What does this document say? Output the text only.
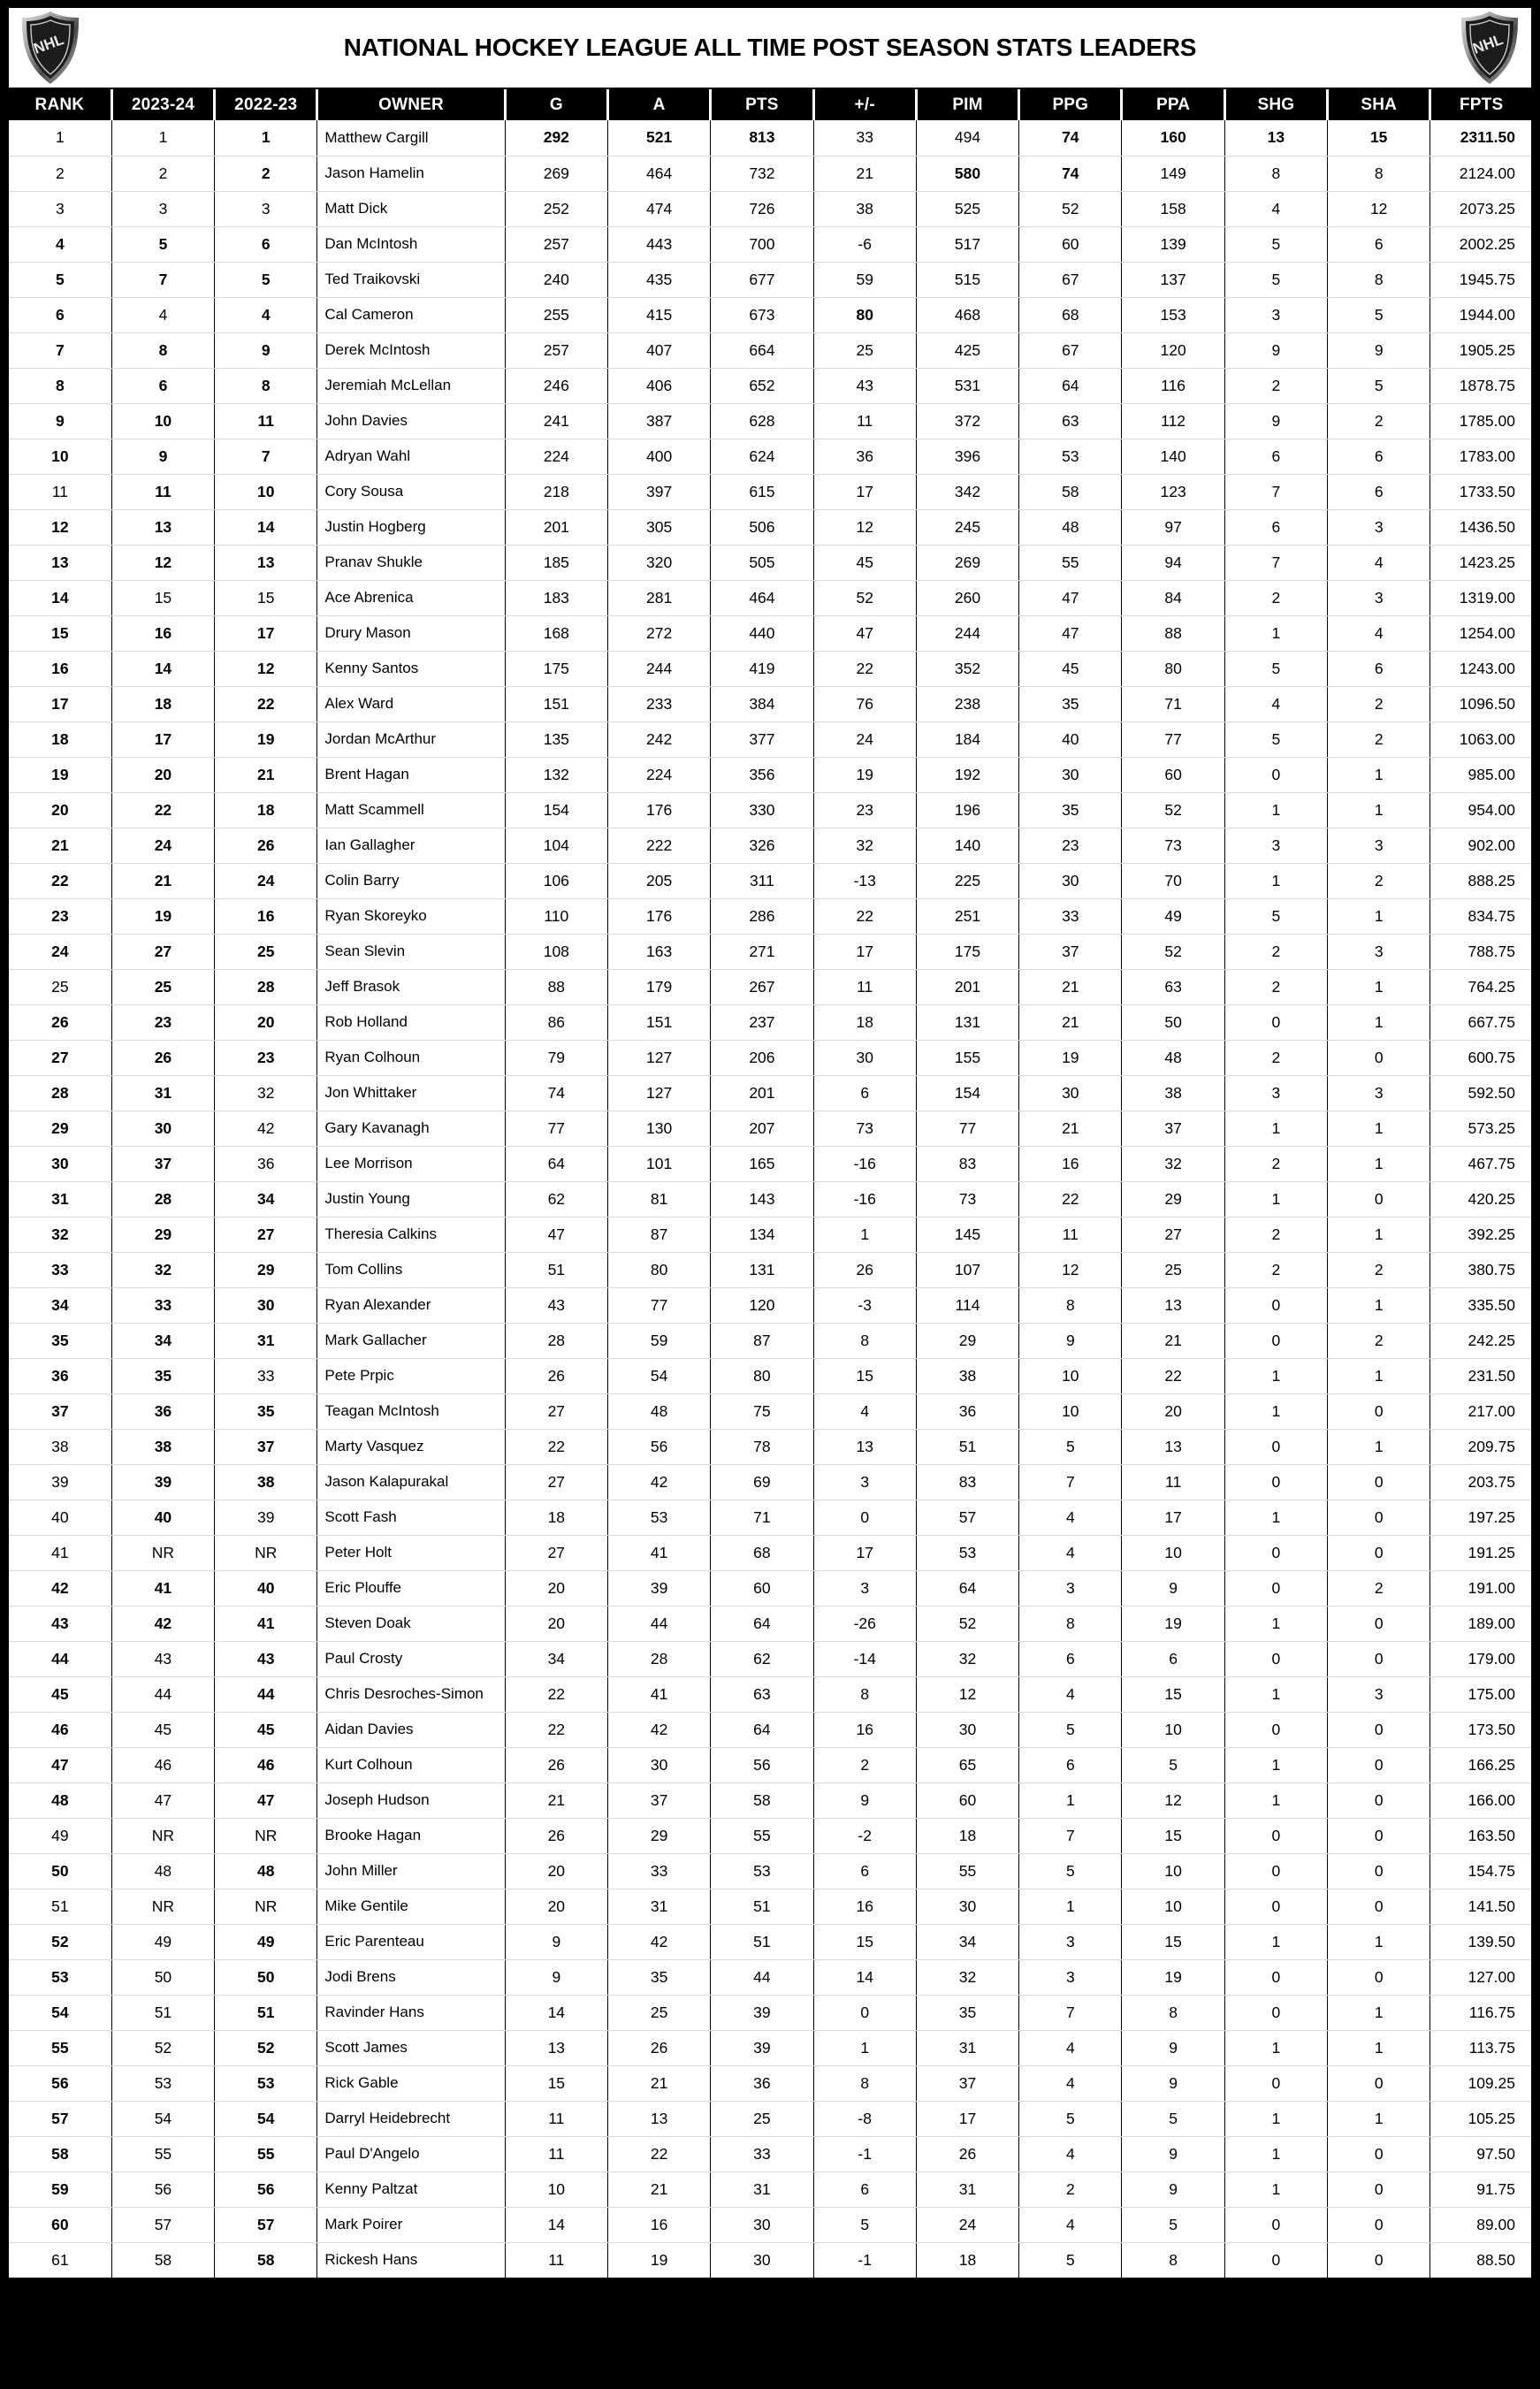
NHL	NATIONAL HOCKEY LEAGUE ALL TIME POST SEASON STATS LEADERS	NHL
RANK	2023-24	2022-23	OWNER	G	A	PTS	+/-	PIM	PPG	PPA	SHG	SHA	FPTS
1	1	1	Matthew Cargill	292	521	813	33	494	74	160	13	15	2311.50
2	2	2	Jason Hamelin	269	464	732	21	580	74	149	8	8	2124.00
3	3	3	Matt Dick	252	474	726	38	525	52	158	4	12	2073.25
4	5	6	Dan McIntosh	257	443	700	-6	517	60	139	5	6	2002.25
5	7	5	Ted Traikovski	240	435	677	59	515	67	137	5	8	1945.75
6	4	4	Cal Cameron	255	415	673	80	468	68	153	3	5	1944.00
7	8	9	Derek McIntosh	257	407	664	25	425	67	120	9	9	1905.25
8	6	8	Jeremiah McLellan	246	406	652	43	531	64	116	2	5	1878.75
9	10	11	John Davies	241	387	628	11	372	63	112	9	2	1785.00
10	9	7	Adryan Wahl	224	400	624	36	396	53	140	6	6	1783.00
11	11	10	Cory Sousa	218	397	615	17	342	58	123	7	6	1733.50
12	13	14	Justin Hogberg	201	305	506	12	245	48	97	6	3	1436.50
13	12	13	Pranav Shukle	185	320	505	45	269	55	94	7	4	1423.25
14	15	15	Ace Abrenica	183	281	464	52	260	47	84	2	3	1319.00
15	16	17	Drury Mason	168	272	440	47	244	47	88	1	4	1254.00
16	14	12	Kenny Santos	175	244	419	22	352	45	80	5	6	1243.00
17	18	22	Alex Ward	151	233	384	76	238	35	71	4	2	1096.50
18	17	19	Jordan McArthur	135	242	377	24	184	40	77	5	2	1063.00
19	20	21	Brent Hagan	132	224	356	19	192	30	60	0	1	985.00
20	22	18	Matt Scammell	154	176	330	23	196	35	52	1	1	954.00
21	24	26	Ian Gallagher	104	222	326	32	140	23	73	3	3	902.00
22	21	24	Colin Barry	106	205	311	-13	225	30	70	1	2	888.25
23	19	16	Ryan Skoreyko	110	176	286	22	251	33	49	5	1	834.75
24	27	25	Sean Slevin	108	163	271	17	175	37	52	2	3	788.75
25	25	28	Jeff Brasok	88	179	267	11	201	21	63	2	1	764.25
26	23	20	Rob Holland	86	151	237	18	131	21	50	0	1	667.75
27	26	23	Ryan Colhoun	79	127	206	30	155	19	48	2	0	600.75
28	31	32	Jon Whittaker	74	127	201	6	154	30	38	3	3	592.50
29	30	42	Gary Kavanagh	77	130	207	73	77	21	37	1	1	573.25
30	37	36	Lee Morrison	64	101	165	-16	83	16	32	2	1	467.75
31	28	34	Justin Young	62	81	143	-16	73	22	29	1	0	420.25
32	29	27	Theresia Calkins	47	87	134	1	145	11	27	2	1	392.25
33	32	29	Tom Collins	51	80	131	26	107	12	25	2	2	380.75
34	33	30	Ryan Alexander	43	77	120	-3	114	8	13	0	1	335.50
35	34	31	Mark Gallacher	28	59	87	8	29	9	21	0	2	242.25
36	35	33	Pete Prpic	26	54	80	15	38	10	22	1	1	231.50
37	36	35	Teagan McIntosh	27	48	75	4	36	10	20	1	0	217.00
38	38	37	Marty Vasquez	22	56	78	13	51	5	13	0	1	209.75
39	39	38	Jason Kalapurakal	27	42	69	3	83	7	11	0	0	203.75
40	40	39	Scott Fash	18	53	71	0	57	4	17	1	0	197.25
41	NR	NR	Peter Holt	27	41	68	17	53	4	10	0	0	191.25
42	41	40	Eric Plouffe	20	39	60	3	64	3	9	0	2	191.00
43	42	41	Steven Doak	20	44	64	-26	52	8	19	1	0	189.00
44	43	43	Paul Crosty	34	28	62	-14	32	6	6	0	0	179.00
45	44	44	Chris Desroches-Simon	22	41	63	8	12	4	15	1	3	175.00
46	45	45	Aidan Davies	22	42	64	16	30	5	10	0	0	173.50
47	46	46	Kurt Colhoun	26	30	56	2	65	6	5	1	0	166.25
48	47	47	Joseph Hudson	21	37	58	9	60	1	12	1	0	166.00
49	NR	NR	Brooke Hagan	26	29	55	-2	18	7	15	0	0	163.50
50	48	48	John Miller	20	33	53	6	55	5	10	0	0	154.75
51	NR	NR	Mike Gentile	20	31	51	16	30	1	10	0	0	141.50
52	49	49	Eric Parenteau	9	42	51	15	34	3	15	1	1	139.50
53	50	50	Jodi Brens	9	35	44	14	32	3	19	0	0	127.00
54	51	51	Ravinder Hans	14	25	39	0	35	7	8	0	1	116.75
55	52	52	Scott James	13	26	39	1	31	4	9	1	1	113.75
56	53	53	Rick Gable	15	21	36	8	37	4	9	0	0	109.25
57	54	54	Darryl Heidebrecht	11	13	25	-8	17	5	5	1	1	105.25
58	55	55	Paul D'Angelo	11	22	33	-1	26	4	9	1	0	97.50
59	56	56	Kenny Paltzat	10	21	31	6	31	2	9	1	0	91.75
60	57	57	Mark Poirer	14	16	30	5	24	4	5	0	0	89.00
61	58	58	Rickesh Hans	11	19	30	-1	18	5	8	0	0	88.50
